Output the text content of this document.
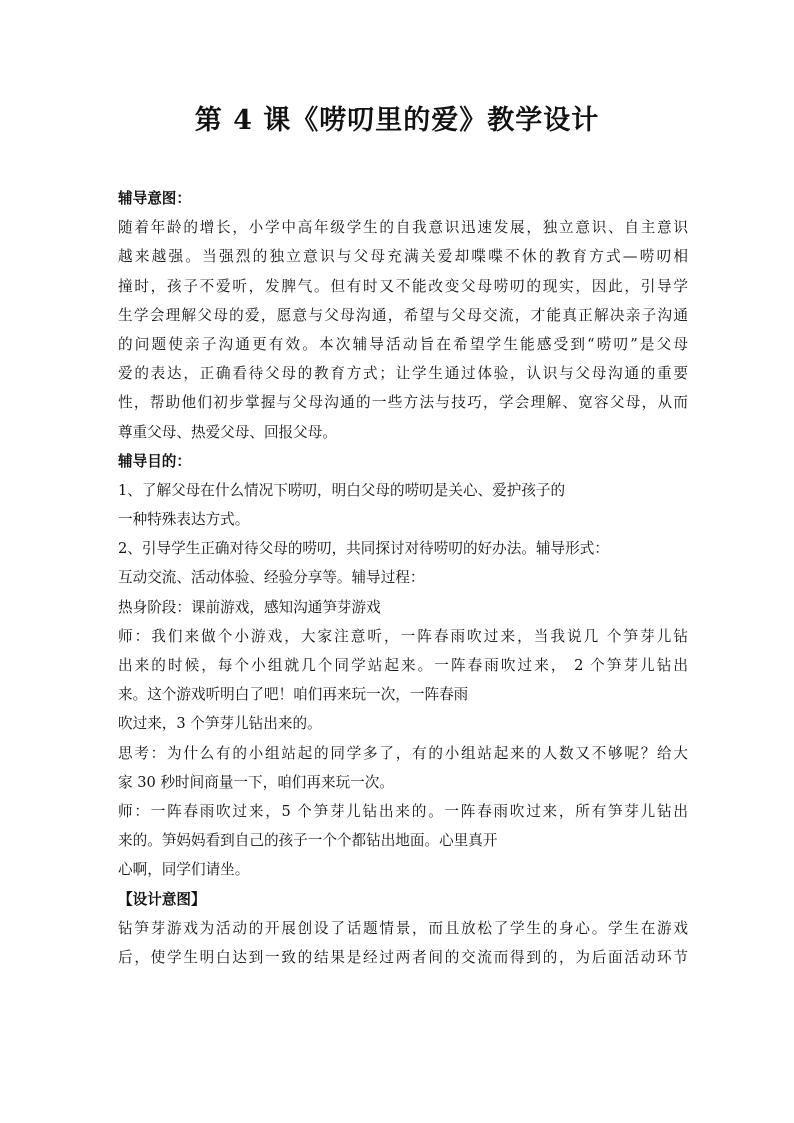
第 4 课《唠叨里的爱》教学设计
辅导意图：
随着年龄的增长，小学中高年级学生的自我意识迅速发展，独立意识、自主意识
越来越强。当强烈的独立意识与父母充满关爱却喋喋不休的教育方式—唠叨相
撞时，孩子不爱听，发脾气。但有时又不能改变父母唠叨的现实，因此，引导学
生学会理解父母的爱，愿意与父母沟通，希望与父母交流，才能真正解决亲子沟通
的问题使亲子沟通更有效。本次辅导活动旨在希望学生能感受到“唠叨”是父母
爱的表达，正确看待父母的教育方式；让学生通过体验，认识与父母沟通的重要
性，帮助他们初步掌握与父母沟通的一些方法与技巧，学会理解、宽容父母，从而
尊重父母、热爱父母、回报父母。
辅导目的：
1、了解父母在什么情况下唠叨，明白父母的唠叨是关心、爱护孩子的
一种特殊表达方式。
2、引导学生正确对待父母的唠叨，共同探讨对待唠叨的好办法。辅导形式：
互动交流、活动体验、经验分享等。辅导过程：
热身阶段：课前游戏，感知沟通笋芽游戏
师：我们来做个小游戏，大家注意听，一阵春雨吹过来，当我说几 个笋芽儿钻
出来的时候，每个小组就几个同学站起来。一阵春雨吹过来， 2 个笋芽儿钻出
来。这个游戏听明白了吧！咱们再来玩一次，一阵春雨
吹过来，3 个笋芽儿钻出来的。
思考：为什么有的小组站起的同学多了，有的小组站起来的人数又不够呢？给大
家 30 秒时间商量一下，咱们再来玩一次。
师：一阵春雨吹过来，5 个笋芽儿钻出来的。一阵春雨吹过来，所有笋芽儿钻出
来的。笋妈妈看到自己的孩子一个个都钻出地面。心里真开
心啊，同学们请坐。
【设计意图】
钻笋芽游戏为活动的开展创设了话题情景，而且放松了学生的身心。学生在游戏
后，使学生明白达到一致的结果是经过两者间的交流而得到的，为后面活动环节
